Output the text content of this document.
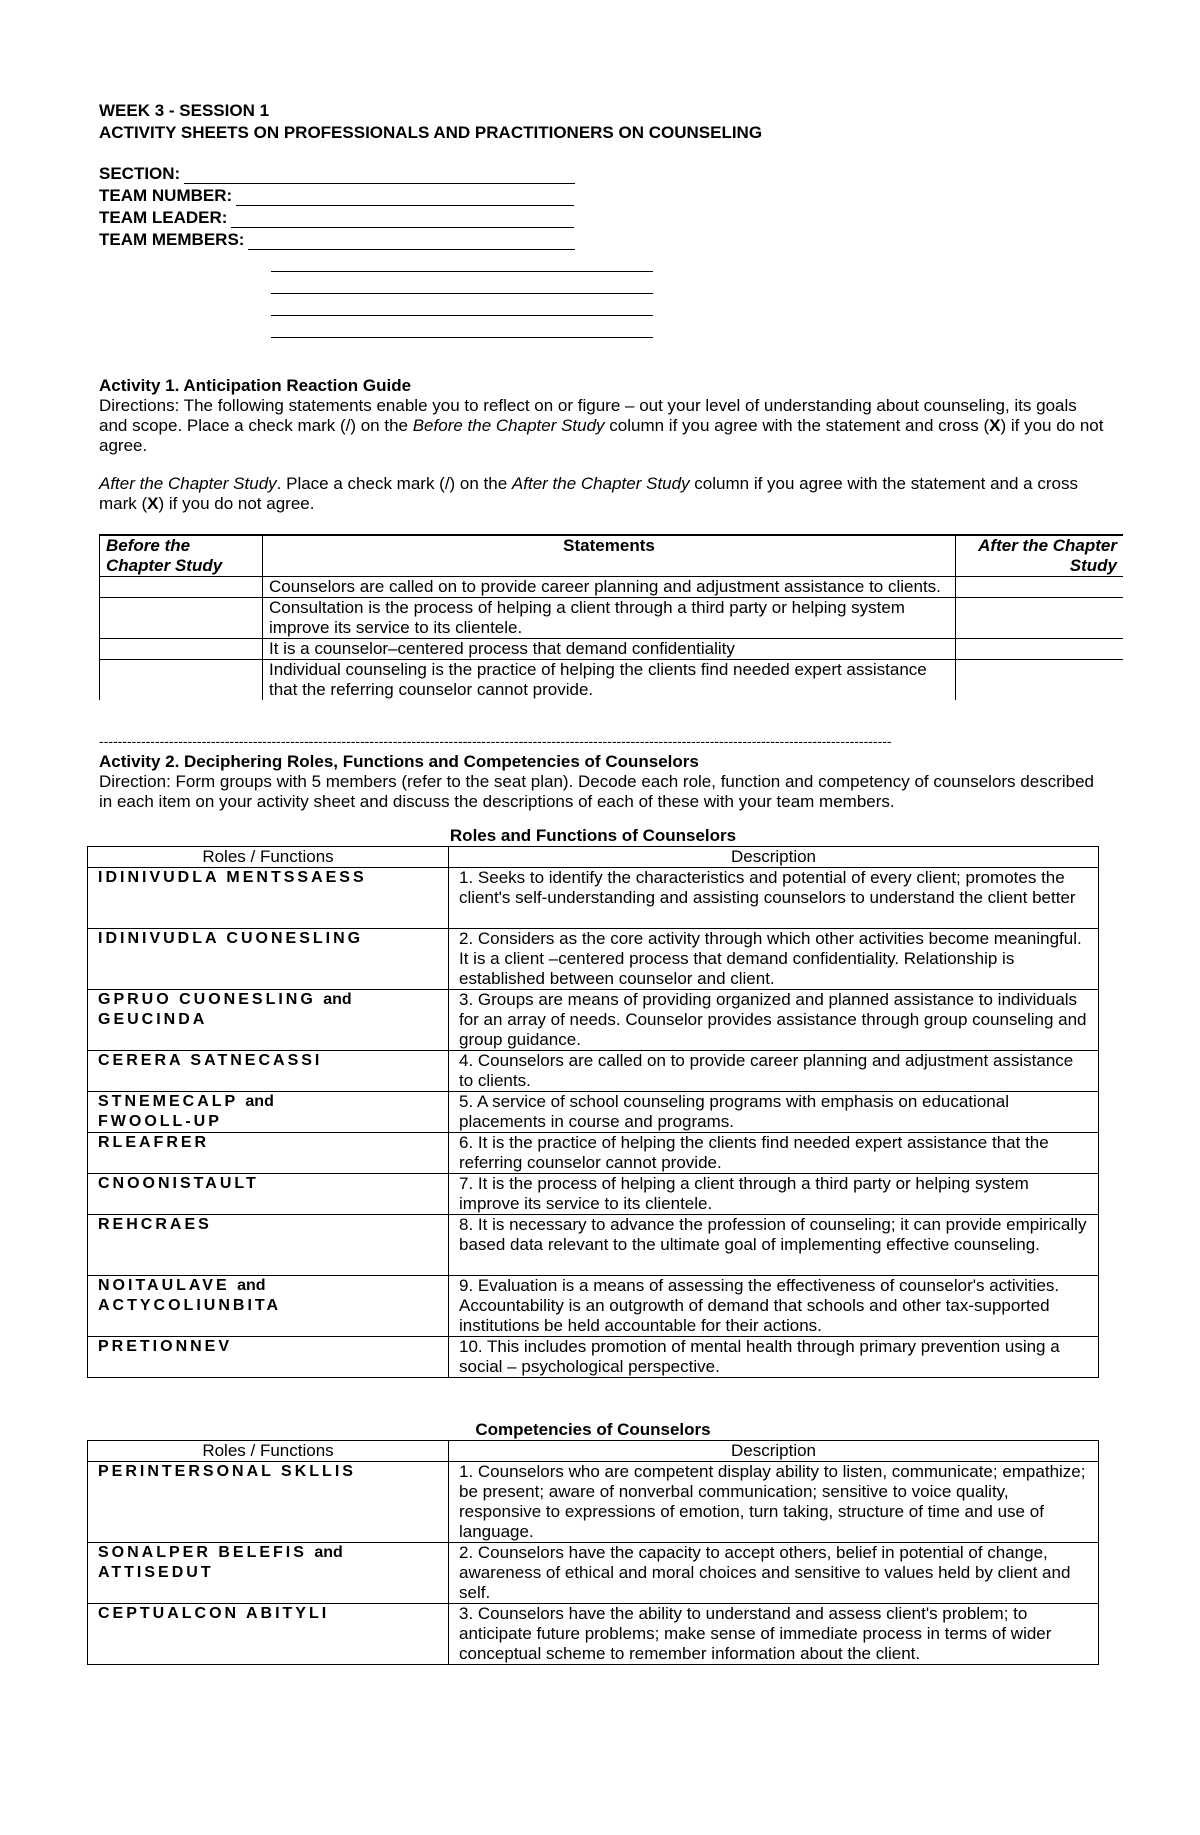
WEEK 3 - SESSION 1
ACTIVITY SHEETS ON PROFESSIONALS AND PRACTITIONERS ON COUNSELING
SECTION:
TEAM NUMBER:
TEAM LEADER:
TEAM MEMBERS:
Activity 1. Anticipation Reaction Guide

Directions: The following statements enable you to reflect on or figure – out your level of understanding about counseling, its goals and scope. Place a check mark (/) on the Before the Chapter Study column if you agree with the statement and cross (X) if you do not agree.

After the Chapter Study. Place a check mark (/) on the After the Chapter Study column if you agree with the statement and a cross mark (X) if you do not agree.

Before the Chapter Study	Statements	After the Chapter Study
	Counselors are called on to provide career planning and adjustment assistance to clients.	
	Consultation is the process of helping a client through a third party or helping system improve its service to its clientele.	
	It is a counselor–centered process that demand confidentiality	
	Individual counseling is the practice of helping the clients find needed expert assistance that the referring counselor cannot provide.	
--------------------------------------------------------------------------------------------------------------------------------------------------------------------------
Activity 2. Deciphering Roles, Functions and Competencies of Counselors

Direction: Form groups with 5 members (refer to the seat plan). Decode each role, function and competency of counselors described in each item on your activity sheet and discuss the descriptions of each of these with your team members.

Roles and Functions of Counselors
Roles / Functions	Description
IDINIVUDLA MENTSSAESS	1. Seeks to identify the characteristics and potential of every client; promotes the client's self-understanding and assisting counselors to understand the client better
IDINIVUDLA CUONESLING	2. Considers as the core activity through which other activities become meaningful. It is a client –centered process that demand confidentiality. Relationship is established between counselor and client.
GPRUO CUONESLING and
GEUCINDA	3. Groups are means of providing organized and planned assistance to individuals for an array of needs. Counselor provides assistance through group counseling and group guidance.
CERERA SATNECASSI	4. Counselors are called on to provide career planning and adjustment assistance to clients.
STNEMECALP and
FWOOLL-UP	5. A service of school counseling programs with emphasis on educational placements in course and programs.
RLEAFRER	6. It is the practice of helping the clients find needed expert assistance that the referring counselor cannot provide.
CNOONISTAULT	7. It is the process of helping a client through a third party or helping system improve its service to its clientele.
REHCRAES	8. It is necessary to advance the profession of counseling; it can provide empirically based data relevant to the ultimate goal of implementing effective counseling.
NOITAULAVE and
ACTYCOLIUNBITA	9. Evaluation is a means of assessing the effectiveness of counselor's activities. Accountability is an outgrowth of demand that schools and other tax-supported institutions be held accountable for their actions.
PRETIONNEV	10. This includes promotion of mental health through primary prevention using a social – psychological perspective.
Competencies of Counselors
Roles / Functions	Description
PERINTERSONAL SKLLIS	1. Counselors who are competent display ability to listen, communicate; empathize; be present; aware of nonverbal communication; sensitive to voice quality, responsive to expressions of emotion, turn taking, structure of time and use of language.
SONALPER BELEFIS and
ATTISEDUT	2. Counselors have the capacity to accept others, belief in potential of change, awareness of ethical and moral choices and sensitive to values held by client and self.
CEPTUALCON ABITYLI	3. Counselors have the ability to understand and assess client's problem; to anticipate future problems; make sense of immediate process in terms of wider conceptual scheme to remember information about the client.
